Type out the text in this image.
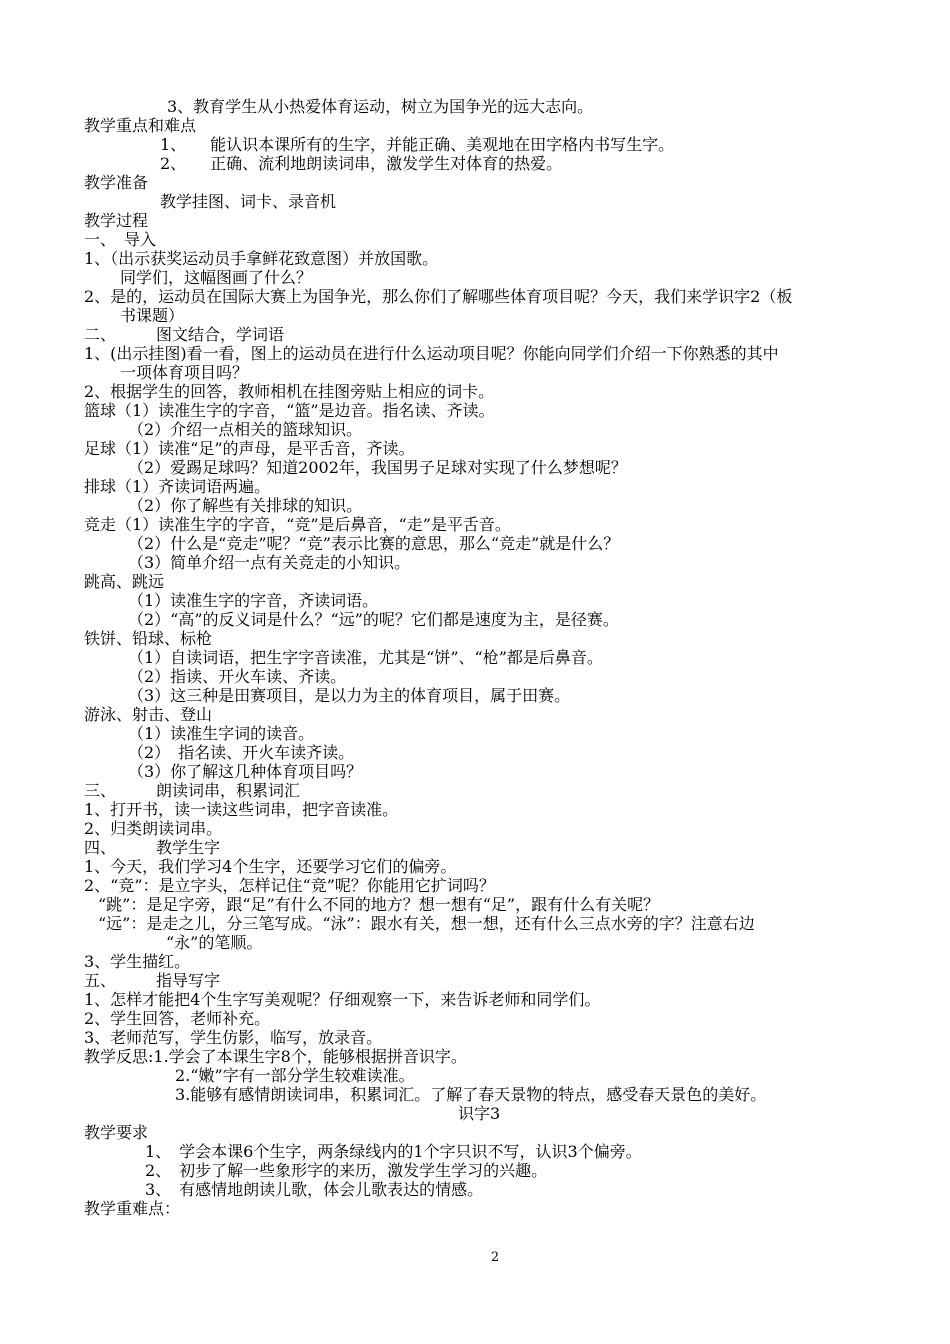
3、教育学生从小热爱体育运动，树立为国争光的远大志向。
教学重点和难点
1、　　能认识本课所有的生字，并能正确、美观地在田字格内书写生字。
2、　　正确、流利地朗读词串，激发学生对体育的热爱。
教学准备
教学挂图、词卡、录音机
教学过程
一、　导入
1、（出示获奖运动员手拿鲜花致意图）并放国歌。
同学们，这幅图画了什么？
2、是的，运动员在国际大赛上为国争光，那么你们了解哪些体育项目呢？今天，我们来学识字2（板
书课题）
二、　　　图文结合，学词语
1、(出示挂图)看一看，图上的运动员在进行什么运动项目呢？你能向同学们介绍一下你熟悉的其中
一项体育项目吗？
2、根据学生的回答，教师相机在挂图旁贴上相应的词卡。
篮球（1）读准生字的字音，“篮”是边音。指名读、齐读。
（2）介绍一点相关的篮球知识。
足球（1）读准“足”的声母，是平舌音，齐读。
（2）爱踢足球吗？知道2002年，我国男子足球对实现了什么梦想呢？
排球（1）齐读词语两遍。
（2）你了解些有关排球的知识。
竞走（1）读准生字的字音，“竞”是后鼻音，“走”是平舌音。
（2）什么是“竞走”呢？“竞”表示比赛的意思，那么“竞走”就是什么？
（3）简单介绍一点有关竞走的小知识。
跳高、跳远
（1）读准生字的字音，齐读词语。
（2）“高”的反义词是什么？“远”的呢？它们都是速度为主，是径赛。
铁饼、铅球、标枪
（1）自读词语，把生字字音读准，尤其是“饼”、“枪”都是后鼻音。
（2）指读、开火车读、齐读。
（3）这三种是田赛项目，是以力为主的体育项目，属于田赛。
游泳、射击、登山
（1）读准生字词的读音。
（2）　指名读、开火车读齐读。
（3）你了解这几种体育项目吗？
三、　　　朗读词串，积累词汇
1、打开书，读一读这些词串，把字音读准。
2、归类朗读词串。
四、　　　教学生字
1、今天，我们学习4个生字，还要学习它们的偏旁。
2、“竞”：是立字头，怎样记住“竞”呢？你能用它扩词吗？
“跳”：是足字旁，跟“足”有什么不同的地方？想一想有“足”，跟有什么有关呢？
“远”：是走之儿，分三笔写成。“泳”：跟水有关，想一想，还有什么三点水旁的字？注意右边
“永”的笔顺。
3、学生描红。
五、　　　指导写字
1、怎样才能把4个生字写美观呢？仔细观察一下，来告诉老师和同学们。
2、学生回答，老师补充。
3、老师范写，学生仿影，临写，放录音。
教学反思:1.学会了本课生字8个，能够根据拼音识字。
2.“嫩”字有一部分学生较难读准。
3.能够有感情朗读词串，积累词汇。了解了春天景物的特点，感受春天景色的美好。
识字3
教学要求
1、　学会本课6个生字，两条绿线内的1个字只识不写，认识3个偏旁。
2、　初步了解一些象形字的来历，激发学生学习的兴趣。
3、　有感情地朗读儿歌，体会儿歌表达的情感。
教学重难点：
2
